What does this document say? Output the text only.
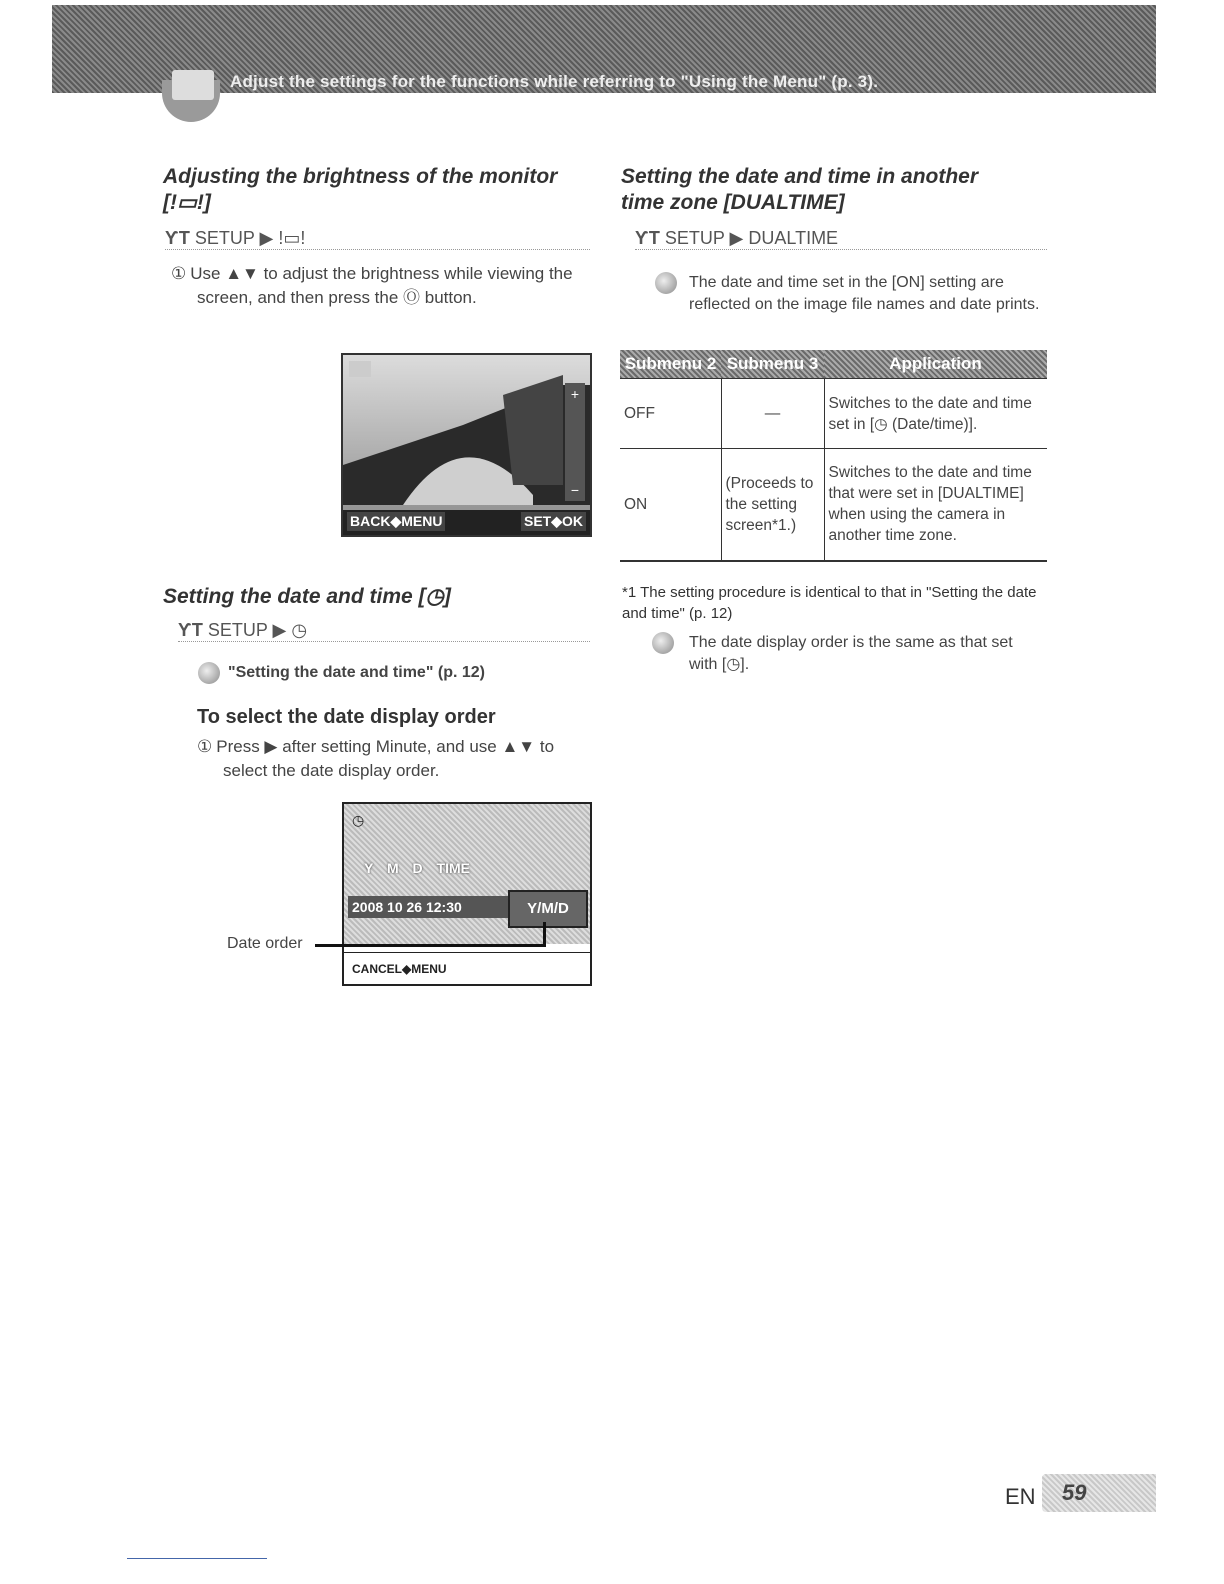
Adjust the settings for the functions while referring to "Using the Menu" (p. 3).
Adjusting the brightness of the monitor
[!▭!]
ƳT SETUP ▶ !▭!
① Use ▲▼ to adjust the brightness while viewing the screen, and then press the Ⓞ button.
+
−
BACK◆MENU	SET◆OK
Setting the date and time [◷]
ƳT SETUP ▶ ◷
"Setting the date and time" (p. 12)
To select the date display order
① Press ▶ after setting Minute, and use ▲▼ to select the date display order.
◷
Y M D TIME
2008 10 26 12:30	Y/M/D
CANCEL◆MENU
Date order
Setting the date and time in another
time zone [DUALTIME]
ƳT SETUP ▶ DUALTIME
The date and time set in the [ON] setting are reflected on the image file names and date prints.
Submenu 2	Submenu 3	Application
OFF	—	Switches to the date and time set in [◷ (Date/time)].
ON	(Proceeds to the setting screen*1.)	Switches to the date and time that were set in [DUALTIME] when using the camera in another time zone.
*1 The setting procedure is identical to that in "Setting the date and time" (p. 12)
The date display order is the same as that set with [◷].
EN	59
